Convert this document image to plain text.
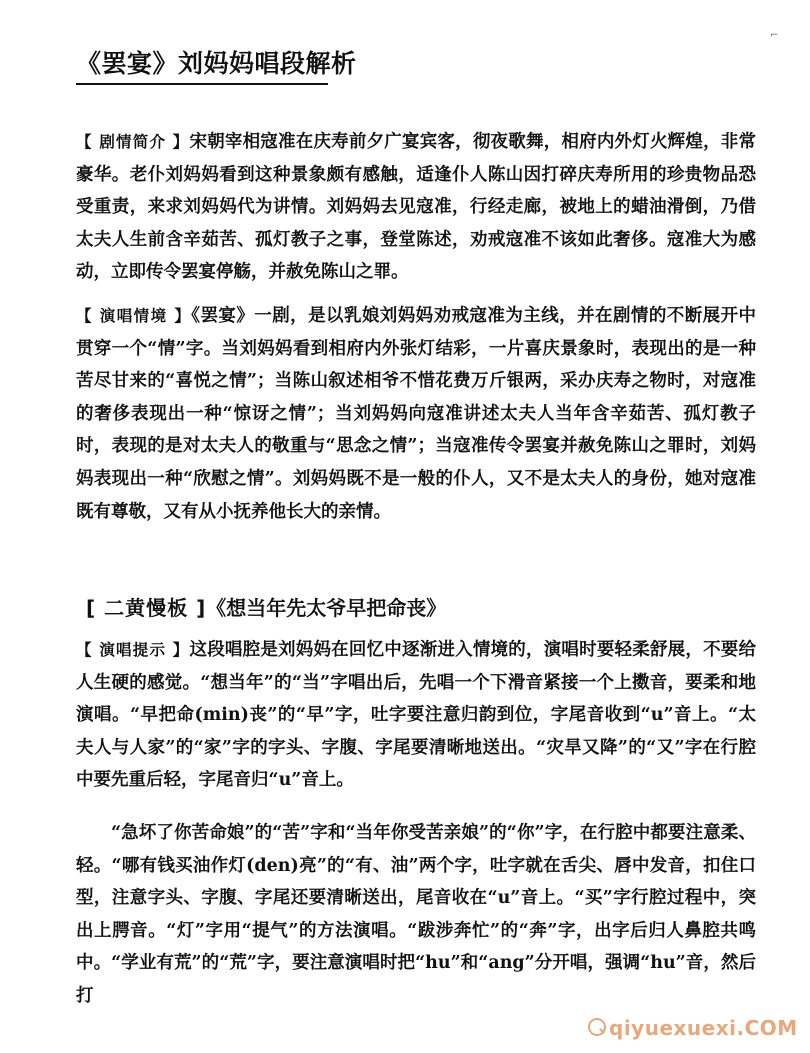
⌐
《罢宴》刘妈妈唱段解析
【 剧情简介 】宋朝宰相寇准在庆寿前夕广宴宾客，彻夜歌舞，相府内外灯火辉煌，非常豪华。老仆刘妈妈看到这种景象颇有感触，适逢仆人陈山因打碎庆寿所用的珍贵物品恐受重责，来求刘妈妈代为讲情。刘妈妈去见寇准，行经走廊，被地上的蜡油滑倒，乃借太夫人生前含辛茹苦、孤灯教子之事，登堂陈述，劝戒寇准不该如此奢侈。寇准大为感动，立即传令罢宴停觞，并赦免陈山之罪。
【 演唱情境 】《罢宴》一剧，是以乳娘刘妈妈劝戒寇准为主线，并在剧情的不断展开中贯穿一个“情”字。当刘妈妈看到相府内外张灯结彩，一片喜庆景象时，表现出的是一种苦尽甘来的“喜悦之情”；当陈山叙述相爷不惜花费万斤银两，采办庆寿之物时，对寇准的奢侈表现出一种“惊讶之情”；当刘妈妈向寇准讲述太夫人当年含辛茹苦、孤灯教子时，表现的是对太夫人的敬重与“思念之情”；当寇准传令罢宴并赦免陈山之罪时，刘妈妈表现出一种“欣慰之情”。刘妈妈既不是一般的仆人，又不是太夫人的身份，她对寇准既有尊敬，又有从小抚养他长大的亲情。
[ 二黄慢板 ]《想当年先太爷早把命丧》
【 演唱提示 】这段唱腔是刘妈妈在回忆中逐渐进入情境的，演唱时要轻柔舒展，不要给人生硬的感觉。“想当年”的“当”字唱出后，先唱一个下滑音紧接一个上擞音，要柔和地演唱。“早把命(min)丧”的“早”字，吐字要注意归韵到位，字尾音收到“u”音上。“太夫人与人家”的“家”字的字头、字腹、字尾要清晰地送出。“灾旱又降”的“又”字在行腔中要先重后轻，字尾音归“u”音上。
“急坏了你苦命娘”的“苦”字和“当年你受苦亲娘”的“你”字，在行腔中都要注意柔、轻。“哪有钱买油作灯(den)亮”的“有、油”两个字，吐字就在舌尖、唇中发音，扣住口型，注意字头、字腹、字尾还要清晰送出，尾音收在“u”音上。“买”字行腔过程中，突出上腭音。“灯”字用“提气”的方法演唱。“跋涉奔忙”的“奔”字，出字后归人鼻腔共鸣中。“学业有荒”的“荒”字，要注意演唱时把“hu”和“ang”分开唱，强调“hu”音，然后打
qiyuexuexi.COM
